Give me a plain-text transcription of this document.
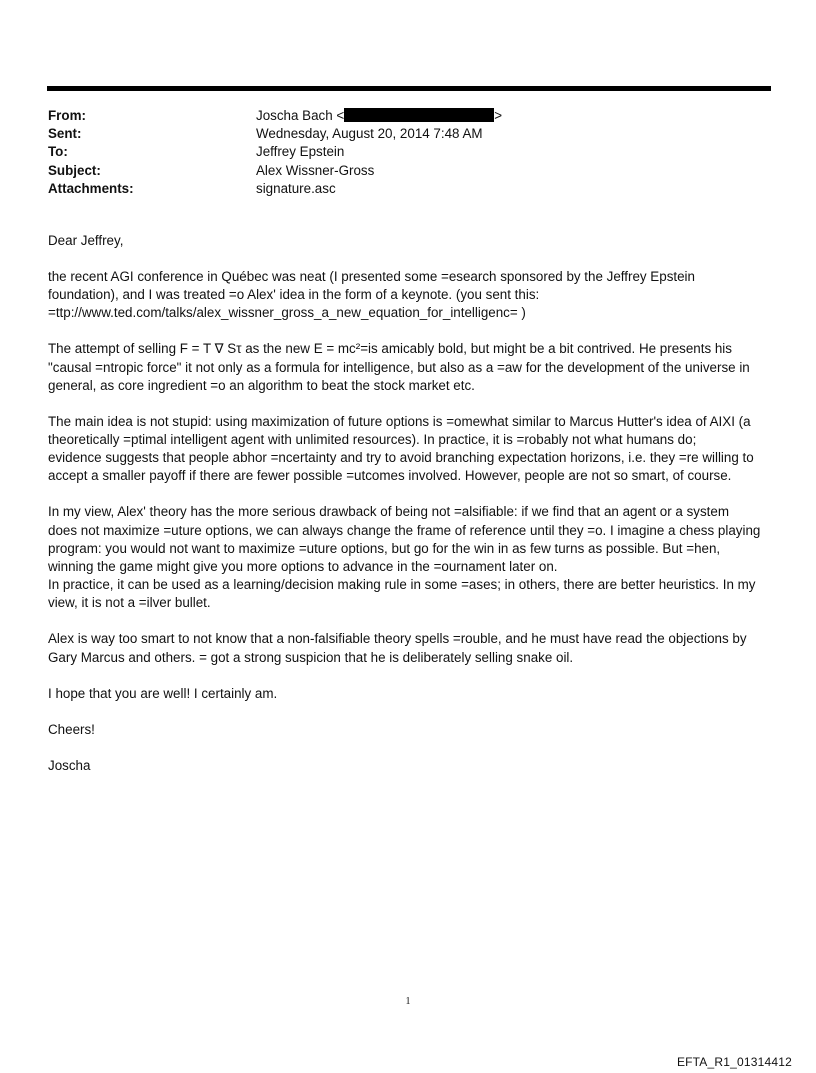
From:	Joscha Bach <	>
Sent:	Wednesday, August 20, 2014 7:48 AM
To:	Jeffrey Epstein
Subject:	Alex Wissner-Gross
Attachments:	signature.asc

Dear Jeffrey,

the recent AGI conference in Québec was neat (I presented some =esearch sponsored by the Jeffrey Epstein
foundation), and I was treated =o Alex' idea in the form of a keynote. (you sent this:
=ttp://www.ted.com/talks/alex_wissner_gross_a_new_equation_for_intelligenc= )

The attempt of selling F = T ∇ Sτ as the new E = mc²=is amicably bold, but might be a bit contrived. He presents his
"causal =ntropic force" it not only as a formula for intelligence, but also as a =aw for the development of the universe in
general, as core ingredient =o an algorithm to beat the stock market etc.

The main idea is not stupid: using maximization of future options is =omewhat similar to Marcus Hutter's idea of AIXI (a
theoretically =ptimal intelligent agent with unlimited resources). In practice, it is =robably not what humans do;
evidence suggests that people abhor =ncertainty and try to avoid branching expectation horizons, i.e. they =re willing to
accept a smaller payoff if there are fewer possible =utcomes involved. However, people are not so smart, of course.

In my view, Alex' theory has the more serious drawback of being not =alsifiable: if we find that an agent or a system
does not maximize =uture options, we can always change the frame of reference until they =o. I imagine a chess playing
program: you would not want to maximize =uture options, but go for the win in as few turns as possible. But =hen,
winning the game might give you more options to advance in the =ournament later on.
In practice, it can be used as a learning/decision making rule in some =ases; in others, there are better heuristics. In my
view, it is not a =ilver bullet.

Alex is way too smart to not know that a non-falsifiable theory spells =rouble, and he must have read the objections by
Gary Marcus and others. = got a strong suspicion that he is deliberately selling snake oil.

I hope that you are well! I certainly am.

Cheers!

Joscha

1
EFTA_R1_01314412
